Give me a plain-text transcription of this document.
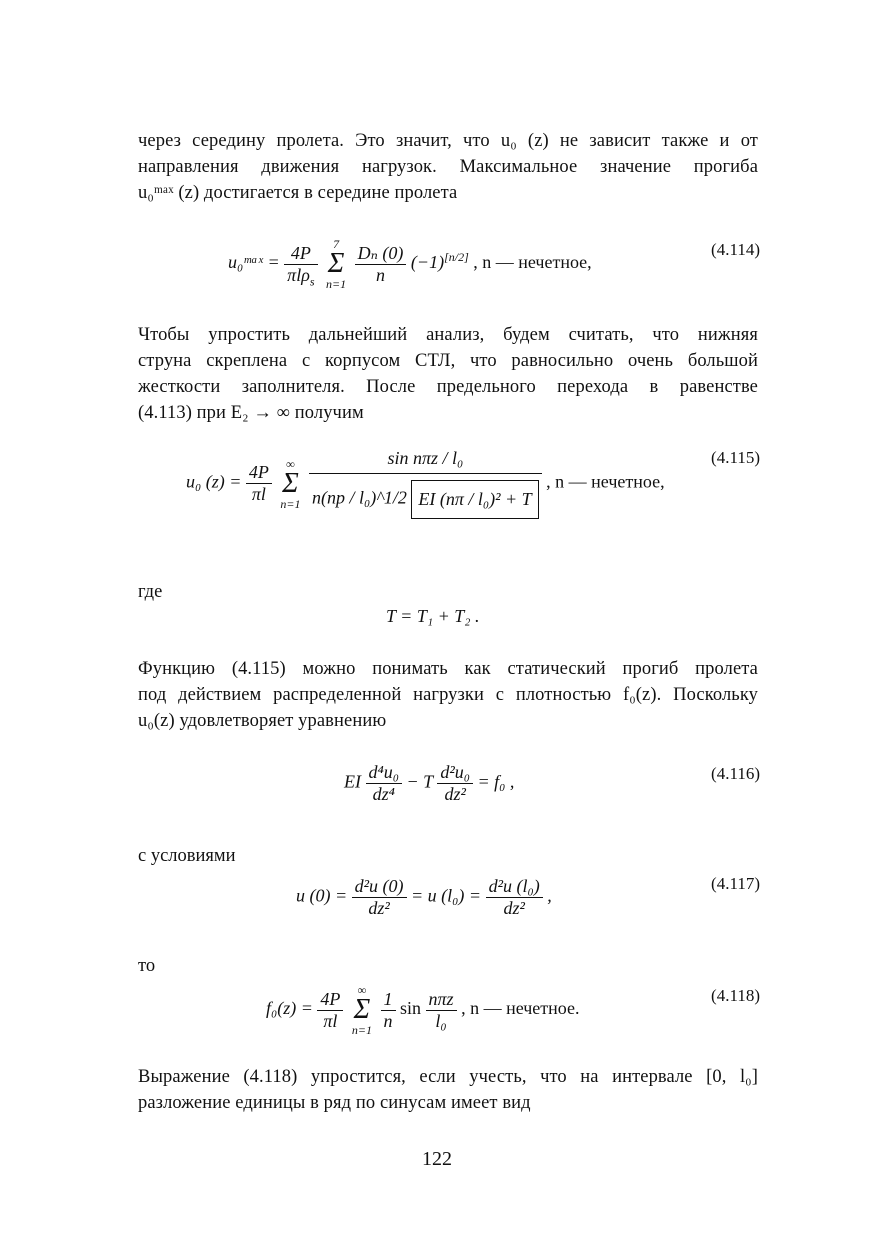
через середину пролета. Это значит, что u₀ (z) не зависит также и от
направления движения нагрузок. Максимальное значение прогиба
u₀ᵐᵃˣ (z) достигается в середине пролета
u₀ᵐᵃˣ = $\frac{4P}{\pi l\rho_s}$
	7
Σ
n=1
$\frac{\text{Dₙ (0)}}{n} (-1)[n/2]$ , n — нечетное,
(4.114)
Чтобы упростить дальнейший анализ, будем считать, что нижняя
струна скреплена с корпусом СТЛ, что равносильно очень большой
жесткости заполнителя. После предельного перехода в равенстве
(4.113) при E₂ → ∞ получим
u₀ $(z) = \frac{4P}{\pi l}$
	∞
Σ
n=1
$\frac{\text{sin nπz / l₀}}{\text{n(np / l₀)\textasciicircum{}1/2 EI (nπ / l₀)² + T}}$ , n — нечетное,
(4.115)
где
T = T₁ + T₂ .
Функцию (4.115) можно понимать как статический прогиб пролета
под действием распределенной нагрузки с плотностью f₀(z). Поскольку
u₀(z) удовлетворяет уравнению
EI $\frac{\text{d⁴u₀}}{\text{dz⁴}} - T \frac{\text{d²u₀}}{\text{dz²}} = f_0$ ,	(4.116)
с условиями
u $(0) = \frac{\text{d²u (0)}}{\text{dz²}} = u$ $(l_0) = \frac{\text{d²u (l₀)}}{\text{dz²}}$ ,
(4.117)
то
$f_0(z) = \frac{4P}{\pi l}$
	∞
Σ
n=1
$\frac{1}{n}$ $\sin \frac{\text{nπz}}{\text{l₀}}$ , n — нечетное.
(4.118)
Выражение (4.118) упростится, если учесть, что на интервале [0, l₀]
разложение единицы в ряд по синусам имеет вид
122
